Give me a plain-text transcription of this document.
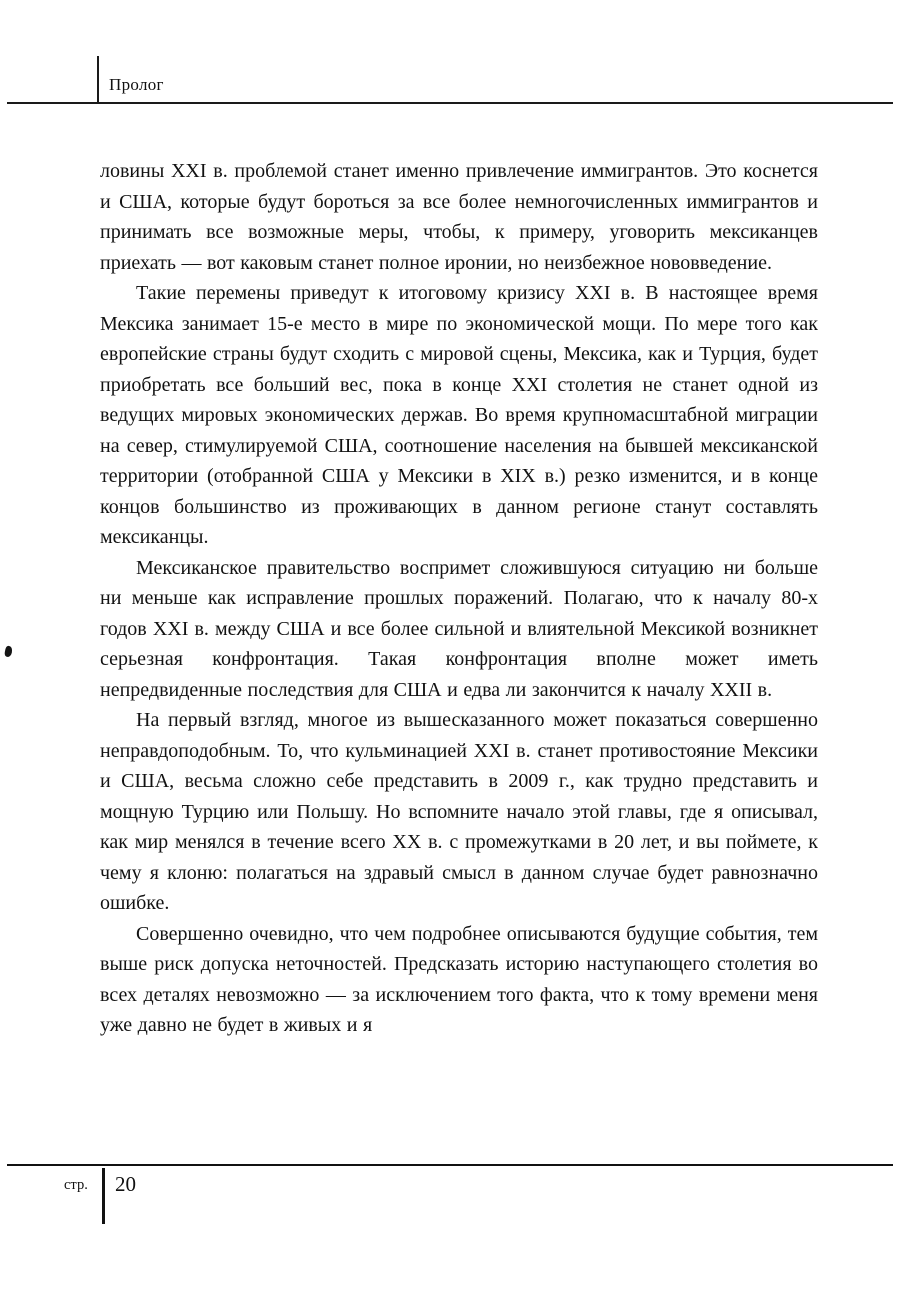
Пролог

ловины XXI в. проблемой станет именно привлечение иммигрантов. Это коснется и США, которые будут бороться за все более немногочисленных иммигрантов и принимать все возможные меры, чтобы, к примеру, уговорить мексиканцев приехать — вот каковым станет полное иронии, но неизбежное нововведение.

Такие перемены приведут к итоговому кризису XXI в. В настоящее время Мексика занимает 15-е место в мире по экономической мощи. По мере того как европейские страны будут сходить с мировой сцены, Мексика, как и Турция, будет приобретать все больший вес, пока в конце XXI столетия не станет одной из ведущих мировых экономических держав. Во время крупномасштабной миграции на север, стимулируемой США, соотношение населения на бывшей мексиканской территории (отобранной США у Мексики в XIX в.) резко изменится, и в конце концов большинство из проживающих в данном регионе станут составлять мексиканцы.

Мексиканское правительство воспримет сложившуюся ситуацию ни больше ни меньше как исправление прошлых поражений. Полагаю, что к началу 80-х годов XXI в. между США и все более сильной и влиятельной Мексикой возникнет серьезная конфронтация. Такая конфронтация вполне может иметь непредвиденные последствия для США и едва ли закончится к началу XXII в.

На первый взгляд, многое из вышесказанного может показаться совершенно неправдоподобным. То, что кульминацией XXI в. станет противостояние Мексики и США, весьма сложно себе представить в 2009 г., как трудно представить и мощную Турцию или Польшу. Но вспомните начало этой главы, где я описывал, как мир менялся в течение всего XX в. с промежутками в 20 лет, и вы поймете, к чему я клоню: полагаться на здравый смысл в данном случае будет равнозначно ошибке.

Совершенно очевидно, что чем подробнее описываются будущие события, тем выше риск допуска неточностей. Предсказать историю наступающего столетия во всех деталях невозможно — за исключением того факта, что к тому времени меня уже давно не будет в живых и я

стр. 20
